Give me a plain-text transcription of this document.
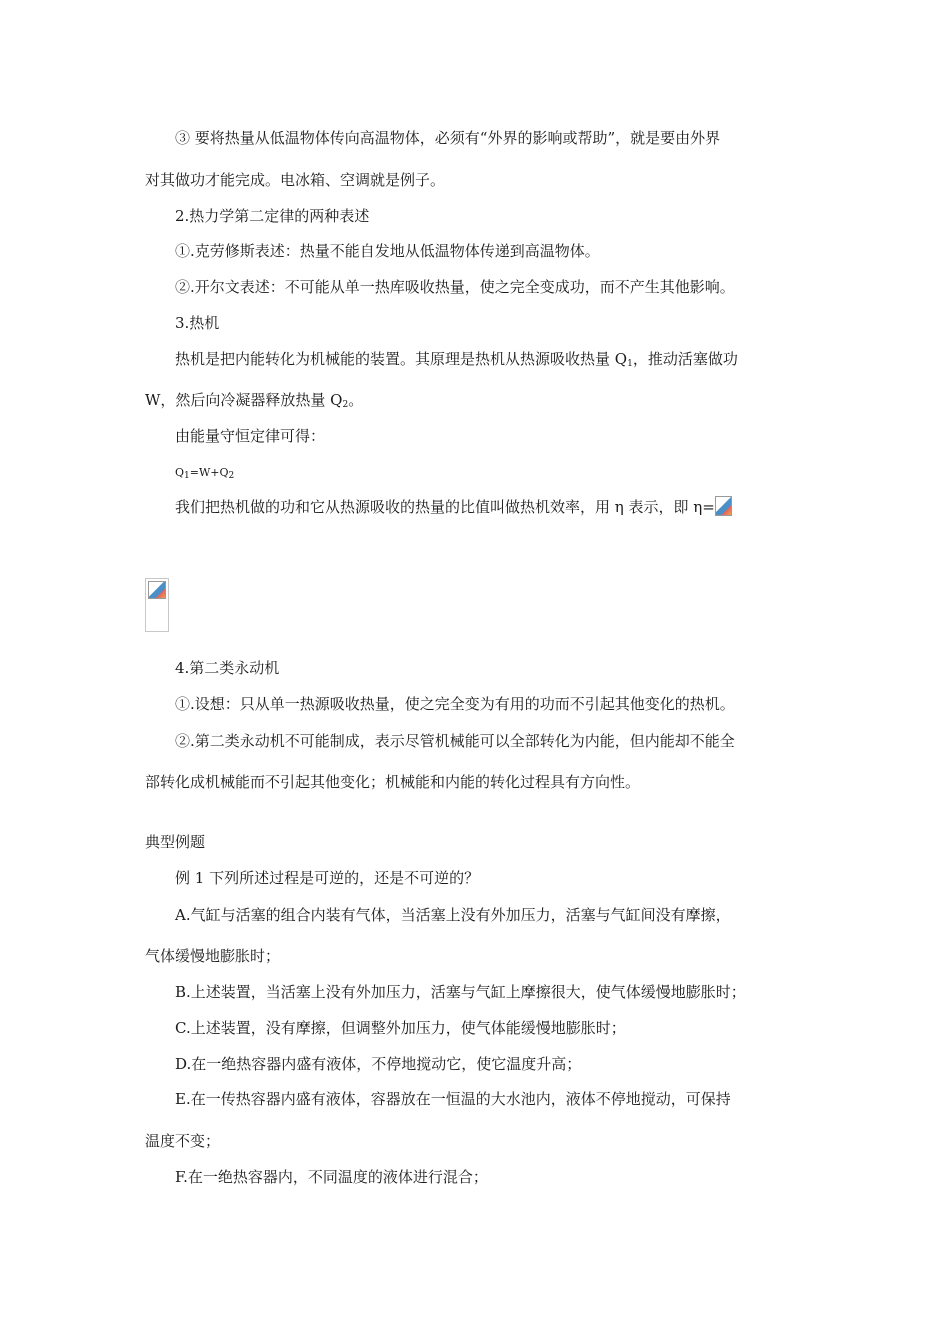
③ 要将热量从低温物体传向高温物体，必须有“外界的影响或帮助”，就是要由外界
对其做功才能完成。电冰箱、空调就是例子。
2.热力学第二定律的两种表述
①.克劳修斯表述：热量不能自发地从低温物体传递到高温物体。
②.开尔文表述：不可能从单一热库吸收热量，使之完全变成功，而不产生其他影响。
3.热机
热机是把内能转化为机械能的装置。其原理是热机从热源吸收热量 $Q_1$，推动活塞做功
W，然后向冷凝器释放热量 $Q_2$。
由能量守恒定律可得：
$Q_1=W+Q_2$
我们把热机做的功和它从热源吸收的热量的比值叫做热机效率，用 η 表示，即 η=
4.第二类永动机
①.设想：只从单一热源吸收热量，使之完全变为有用的功而不引起其他变化的热机。
②.第二类永动机不可能制成，表示尽管机械能可以全部转化为内能，但内能却不能全
部转化成机械能而不引起其他变化；机械能和内能的转化过程具有方向性。
典型例题
例 1 下列所述过程是可逆的，还是不可逆的？
A.气缸与活塞的组合内装有气体，当活塞上没有外加压力，活塞与气缸间没有摩擦，
气体缓慢地膨胀时；
B.上述装置，当活塞上没有外加压力，活塞与气缸上摩擦很大，使气体缓慢地膨胀时；
C.上述装置，没有摩擦，但调整外加压力，使气体能缓慢地膨胀时；
D.在一绝热容器内盛有液体，不停地搅动它，使它温度升高；
E.在一传热容器内盛有液体，容器放在一恒温的大水池内，液体不停地搅动，可保持
温度不变；
F.在一绝热容器内，不同温度的液体进行混合；
